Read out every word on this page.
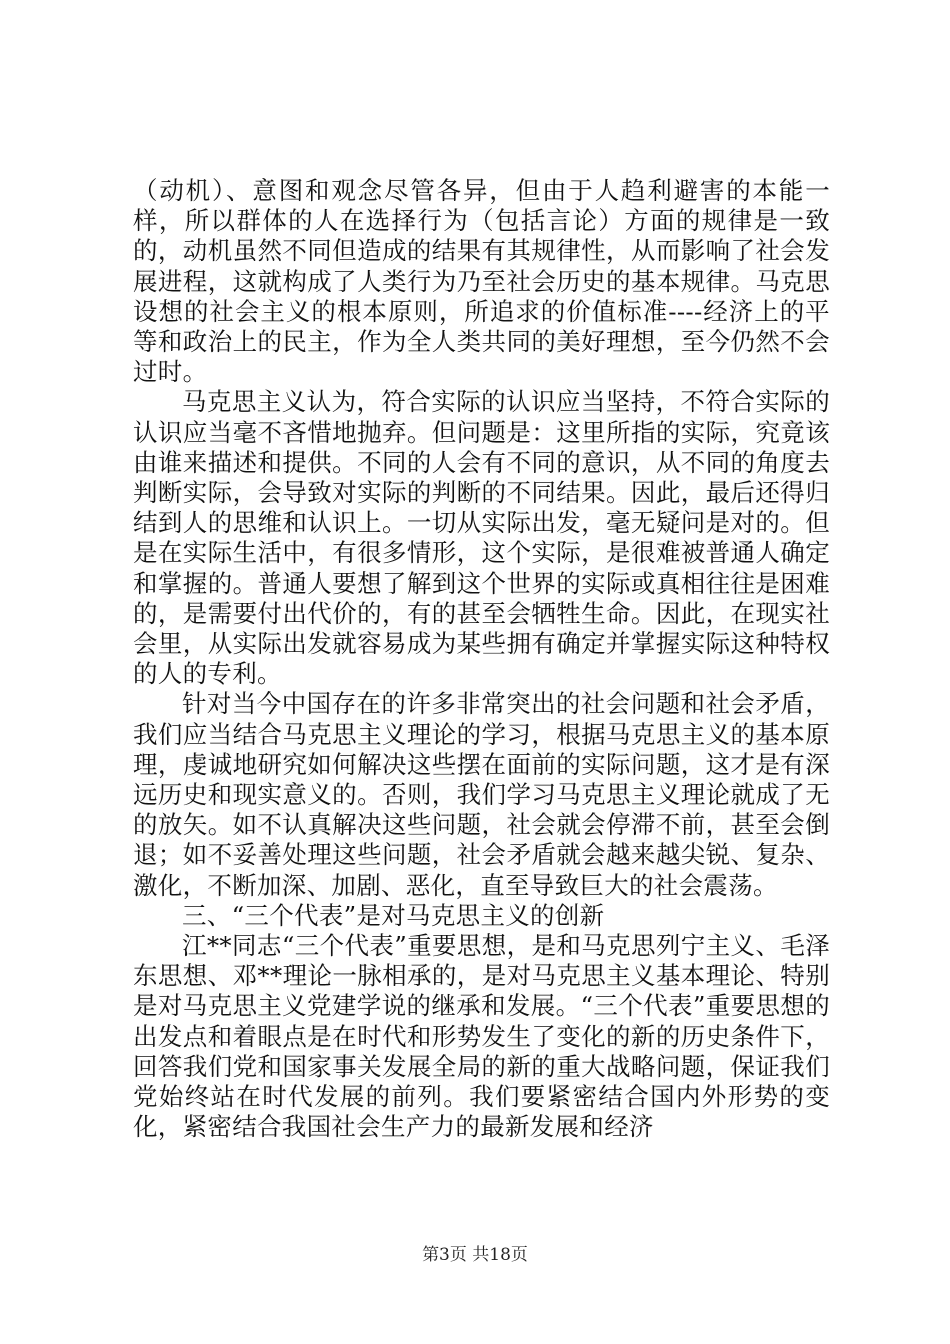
（动机）、意图和观念尽管各异，但由于人趋利避害的本能一样，所以群体的人在选择行为（包括言论）方面的规律是一致的，动机虽然不同但造成的结果有其规律性，从而影响了社会发展进程，这就构成了人类行为乃至社会历史的基本规律。马克思设想的社会主义的根本原则，所追求的价值标准----经济上的平等和政治上的民主，作为全人类共同的美好理想，至今仍然不会过时。

马克思主义认为，符合实际的认识应当坚持，不符合实际的认识应当毫不吝惜地抛弃。但问题是：这里所指的实际，究竟该由谁来描述和提供。不同的人会有不同的意识，从不同的角度去判断实际，会导致对实际的判断的不同结果。因此，最后还得归结到人的思维和认识上。一切从实际出发，毫无疑问是对的。但是在实际生活中，有很多情形，这个实际，是很难被普通人确定和掌握的。普通人要想了解到这个世界的实际或真相往往是困难的，是需要付出代价的，有的甚至会牺牲生命。因此，在现实社会里，从实际出发就容易成为某些拥有确定并掌握实际这种特权的人的专利。

针对当今中国存在的许多非常突出的社会问题和社会矛盾，我们应当结合马克思主义理论的学习，根据马克思主义的基本原理，虔诚地研究如何解决这些摆在面前的实际问题，这才是有深远历史和现实意义的。否则，我们学习马克思主义理论就成了无的放矢。如不认真解决这些问题，社会就会停滞不前，甚至会倒退；如不妥善处理这些问题，社会矛盾就会越来越尖锐、复杂、激化，不断加深、加剧、恶化，直至导致巨大的社会震荡。

三、“三个代表”是对马克思主义的创新

江**同志“三个代表”重要思想，是和马克思列宁主义、毛泽东思想、邓**理论一脉相承的，是对马克思主义基本理论、特别是对马克思主义党建学说的继承和发展。“三个代表”重要思想的出发点和着眼点是在时代和形势发生了变化的新的历史条件下，回答我们党和国家事关发展全局的新的重大战略问题，保证我们党始终站在时代发展的前列。我们要紧密结合国内外形势的变化，紧密结合我国社会生产力的最新发展和经济

第3页 共18页
